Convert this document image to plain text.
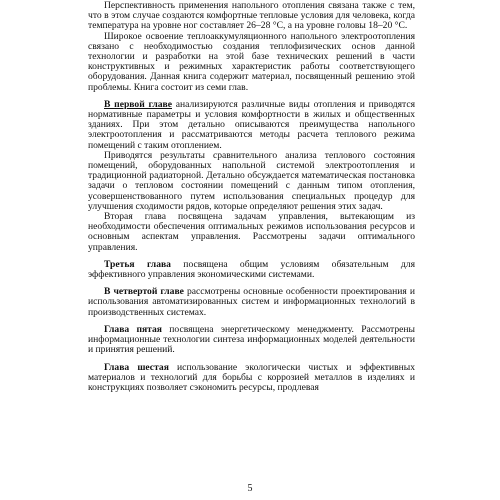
Перспективность применения напольного отопления связана также с тем, что в этом случае создаются комфортные тепловые условия для человека, когда температура на уровне ног составляет 26–28 °С, а на уровне головы 18–20 °С.

Широкое освоение теплоаккумуляционного напольного электроотопления связано с необходимостью создания теплофизических основ данной технологии и разработки на этой базе технических решений в части конструктивных и режимных характеристик работы соответствующего оборудования. Данная книга содержит материал, посвященный решению этой проблемы. Книга состоит из семи глав.

В первой главе анализируются различные виды отопления и приводятся нормативные параметры и условия комфортности в жилых и общественных зданиях. При этом детально описываются преимущества напольного электроотопления и рассматриваются методы расчета теплового режима помещений с таким отоплением.

Приводятся результаты сравнительного анализа теплового состояния помещений, оборудованных напольной системой электроотопления и традиционной радиаторной. Детально обсуждается математическая постановка задачи о тепловом состоянии помещений с данным типом отопления, усовершенствованного путем использования специальных процедур для улучшения сходимости рядов, которые определяют решения этих задач.

Вторая глава посвящена задачам управления, вытекающим из необходимости обеспечения оптимальных режимов использования ресурсов и основным аспектам управления. Рассмотрены задачи оптимального управления.

Третья глава посвящена общим условиям обязательным для эффективного управления экономическими системами.

В четвертой главе рассмотрены основные особенности проектирования и использования автоматизированных систем и информационных технологий в производственных системах.

Глава пятая посвящена энергетическому менеджменту. Рассмотрены информационные технологии синтеза информационных моделей деятельности и принятия решений.

Глава шестая использование экологически чистых и эффективных материалов и технологий для борьбы с коррозией металлов в изделиях и конструкциях позволяет сэкономить ресурсы, продлевая

5
